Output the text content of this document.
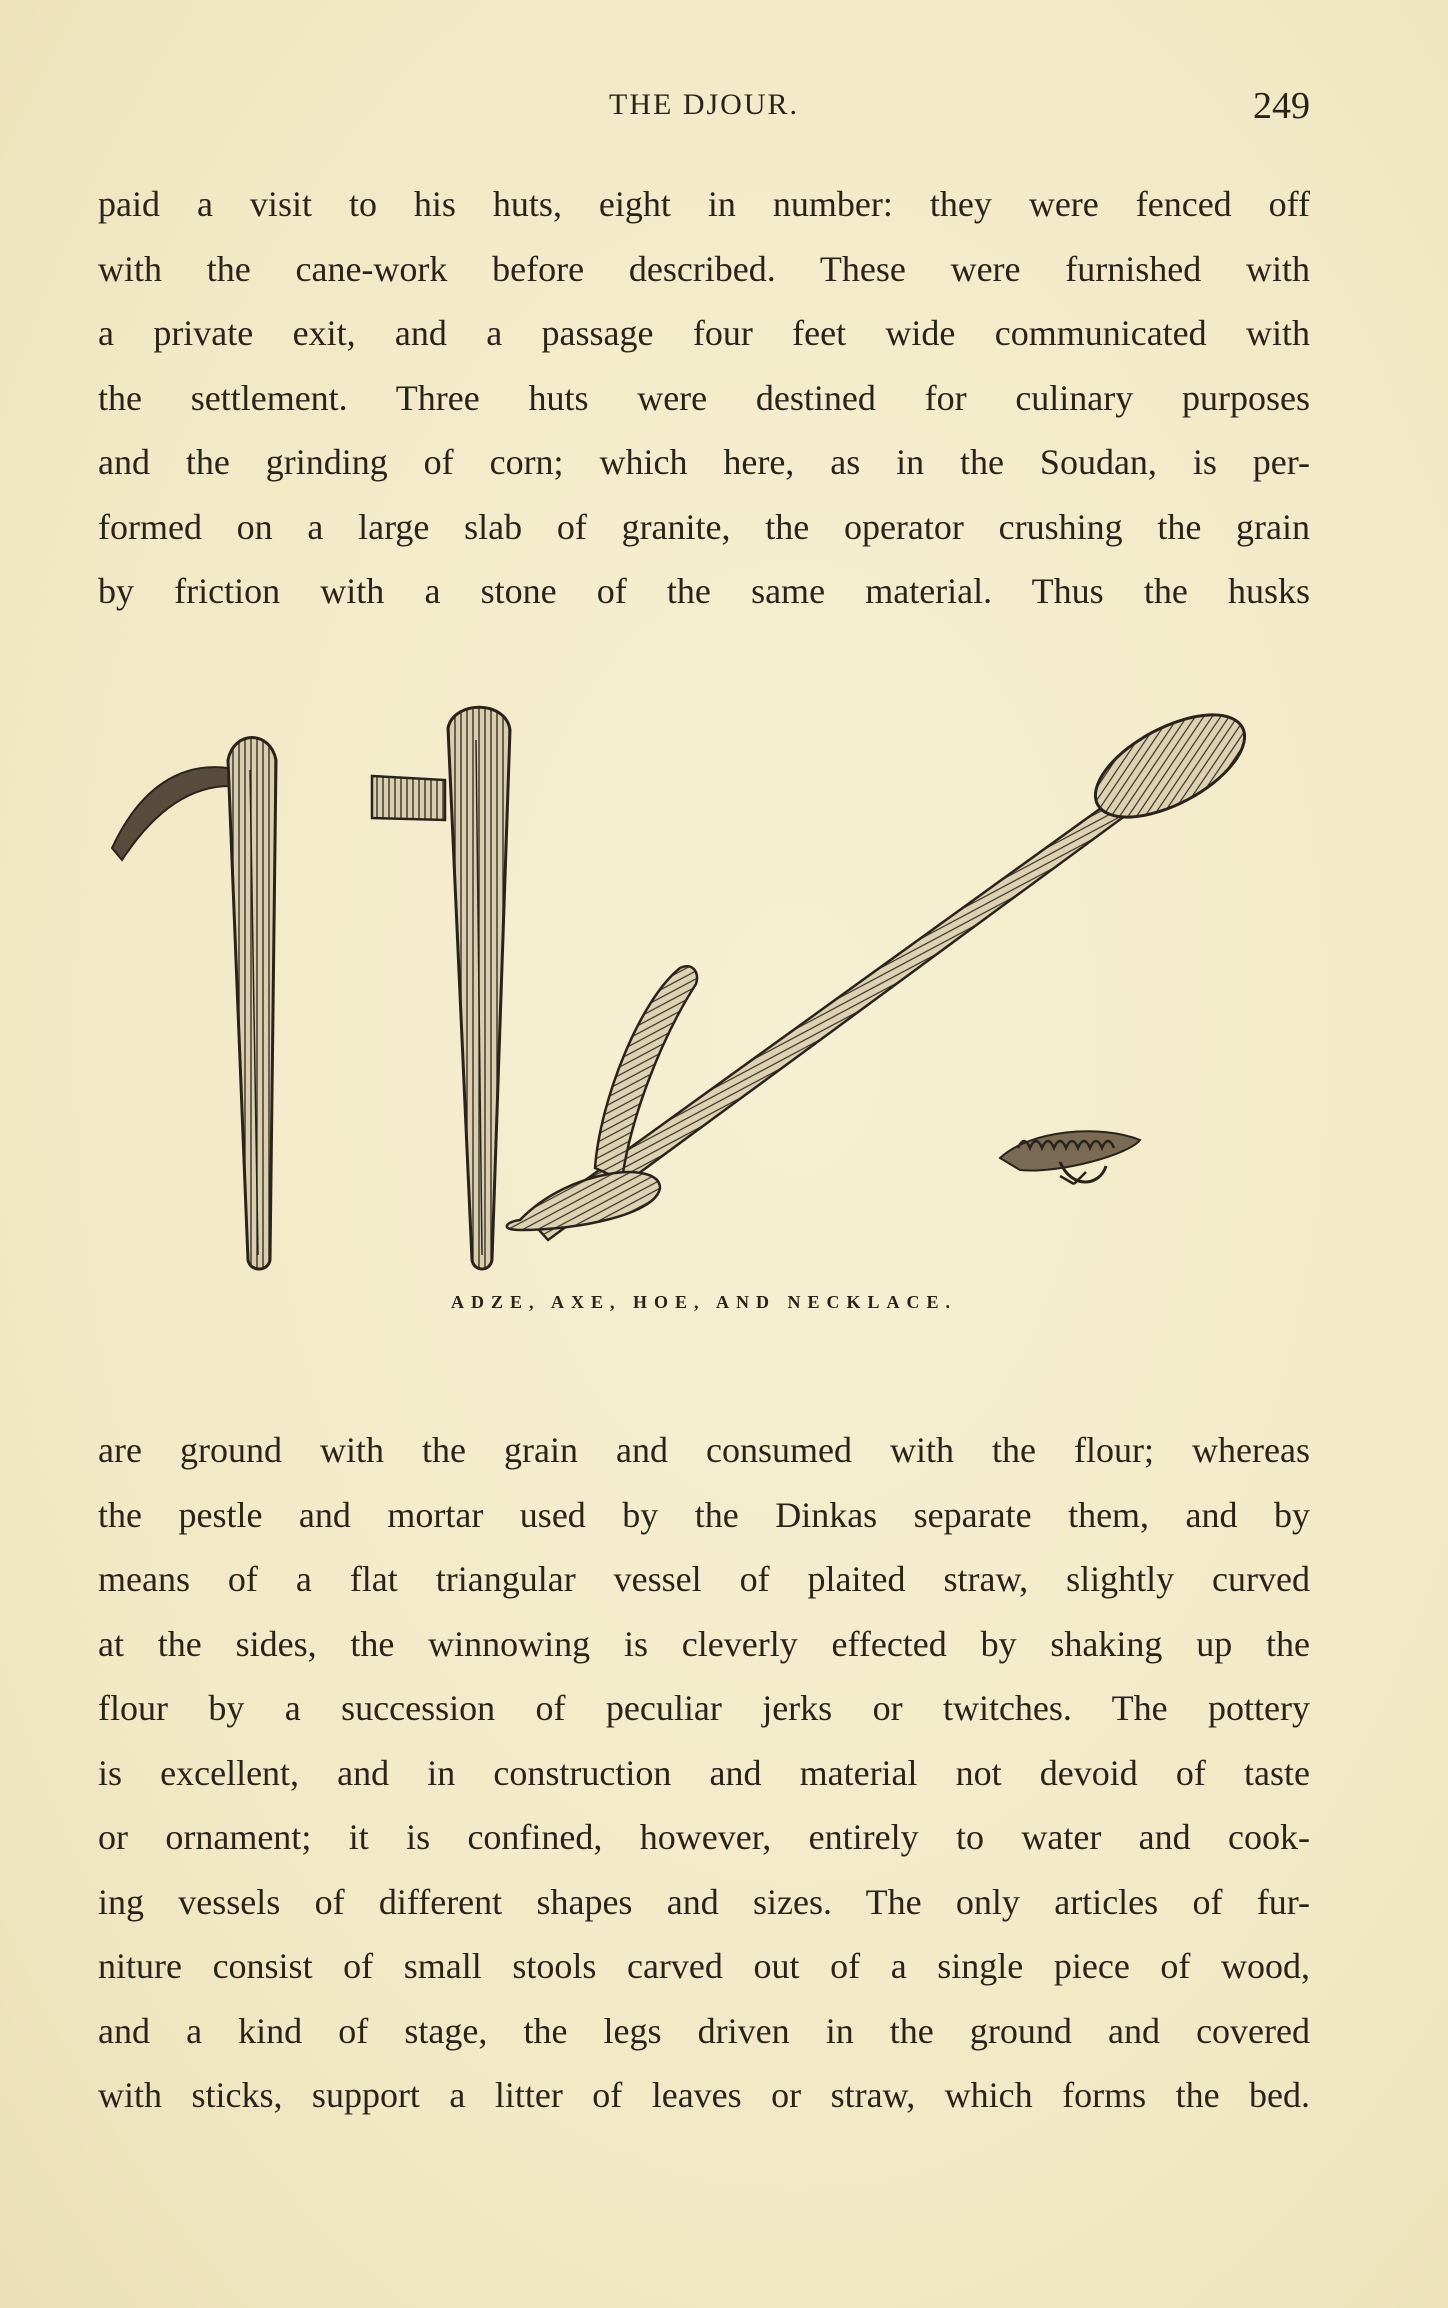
THE DJOUR.	249
paid a visit to his huts, eight in number: they were fenced off
with the cane-work before described. These were furnished with
a private exit, and a passage four feet wide communicated with
the settlement. Three huts were destined for culinary purposes
and the grinding of corn; which here, as in the Soudan, is per-
formed on a large slab of granite, the operator crushing the grain
by friction with a stone of the same material. Thus the husks
ADZE, AXE, HOE, AND NECKLACE.
are ground with the grain and consumed with the flour; whereas
the pestle and mortar used by the Dinkas separate them, and by
means of a flat triangular vessel of plaited straw, slightly curved
at the sides, the winnowing is cleverly effected by shaking up the
flour by a succession of peculiar jerks or twitches. The pottery
is excellent, and in construction and material not devoid of taste
or ornament; it is confined, however, entirely to water and cook-
ing vessels of different shapes and sizes. The only articles of fur-
niture consist of small stools carved out of a single piece of wood,
and a kind of stage, the legs driven in the ground and covered
with sticks, support a litter of leaves or straw, which forms the bed.
